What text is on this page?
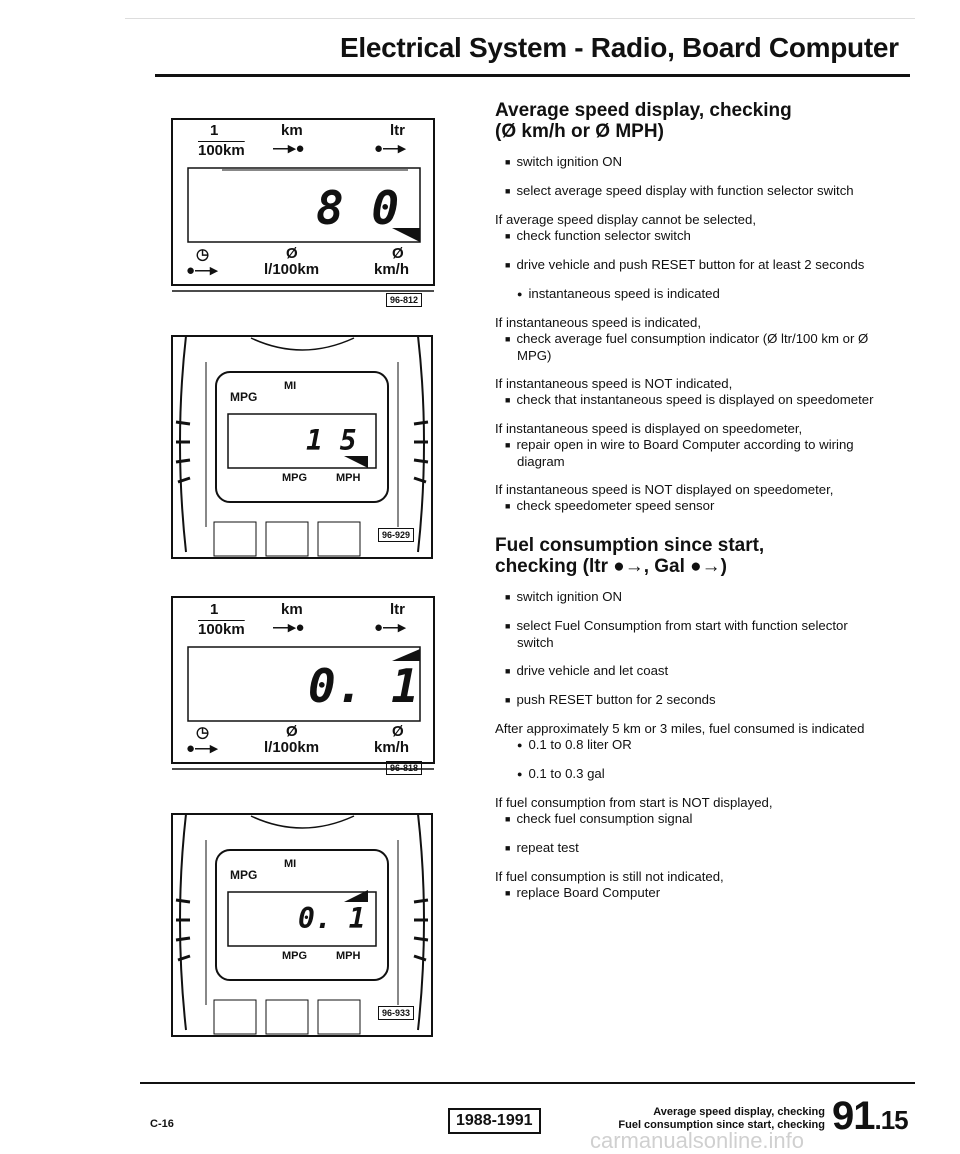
Electrical System - Radio, Board Computer
1
100km
km
—▸●
ltr
●—▸
8 0
◷
●—▸
Ø
l/100km
Ø
km/h
96-812
MPG
MI
1 5
MPG	MPH
96-929
1
100km
km
—▸●
ltr
●—▸
0. 1
◷
●—▸
Ø
l/100km
Ø
km/h
96-818
MPG
MI
0. 1
MPG	MPH
96-933
Average speed display, checking
(Ø km/h or Ø MPH)

■ switch ignition ON

■ select average speed display with function selector switch

If average speed display cannot be selected,

■ check function selector switch

■ drive vehicle and push RESET button for at least 2 seconds

● instantaneous speed is indicated

If instantaneous speed is indicated,

■ check average fuel consumption indicator (Ø ltr/100 km or Ø MPG)

If instantaneous speed is NOT indicated,

■ check that instantaneous speed is displayed on speedometer

If instantaneous speed is displayed on speedometer,

■ repair open in wire to Board Computer according to wiring diagram

If instantaneous speed is NOT displayed on speedometer,

■ check speedometer speed sensor

Fuel consumption since start,
checking (ltr ●→, Gal ●→)

■ switch ignition ON

■ select Fuel Consumption from start with function selector switch

■ drive vehicle and let coast

■ push RESET button for 2 seconds

After approximately 5 km or 3 miles, fuel consumed is indicated

● 0.1 to 0.8 liter OR

● 0.1 to 0.3 gal

If fuel consumption from start is NOT displayed,

■ check fuel consumption signal

■ repeat test

If fuel consumption is still not indicated,

■ replace Board Computer

C-16	1988-1991	Average speed display, checking
Fuel consumption since start, checking 91.15
carmanualsonline.info
